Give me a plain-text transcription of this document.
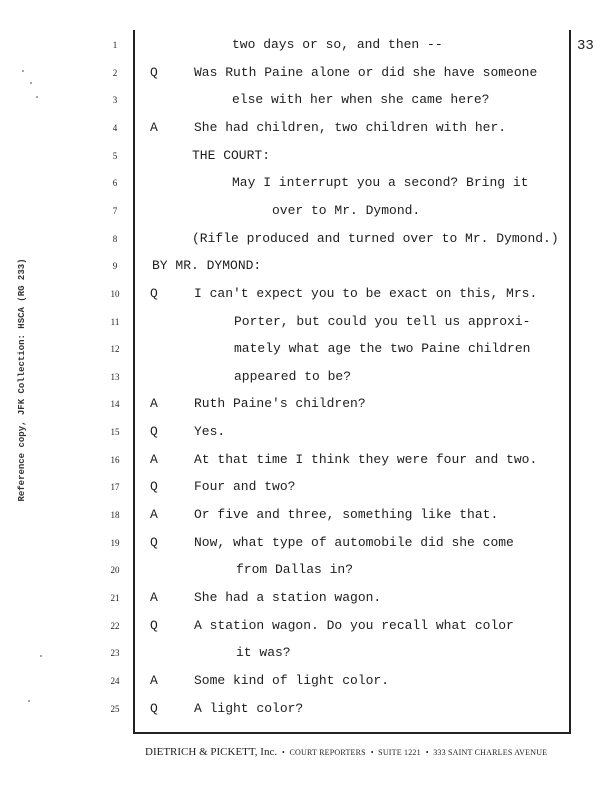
Reference copy, JFK Collection: HSCA (RG 233)
33
1	two days or so, and then --
2	Q	Was Ruth Paine alone or did she have someone
3	else with her when she came here?
4	A	She had children, two children with her.
5	THE COURT:
6	May I interrupt you a second? Bring it
7	over to Mr. Dymond.
8	(Rifle produced and turned over to Mr. Dymond.)
9	BY MR. DYMOND:
10	Q	I can't expect you to be exact on this, Mrs.
11	Porter, but could you tell us approxi-
12	mately what age the two Paine children
13	appeared to be?
14	A	Ruth Paine's children?
15	Q	Yes.
16	A	At that time I think they were four and two.
17	Q	Four and two?
18	A	Or five and three, something like that.
19	Q	Now, what type of automobile did she come
20	from Dallas in?
21	A	She had a station wagon.
22	Q	A station wagon. Do you recall what color
23	it was?
24	A	Some kind of light color.
25	Q	A light color?
DIETRICH & PICKETT, Inc.  •  COURT REPORTERS  •  SUITE 1221  •  333 SAINT CHARLES AVENUE
